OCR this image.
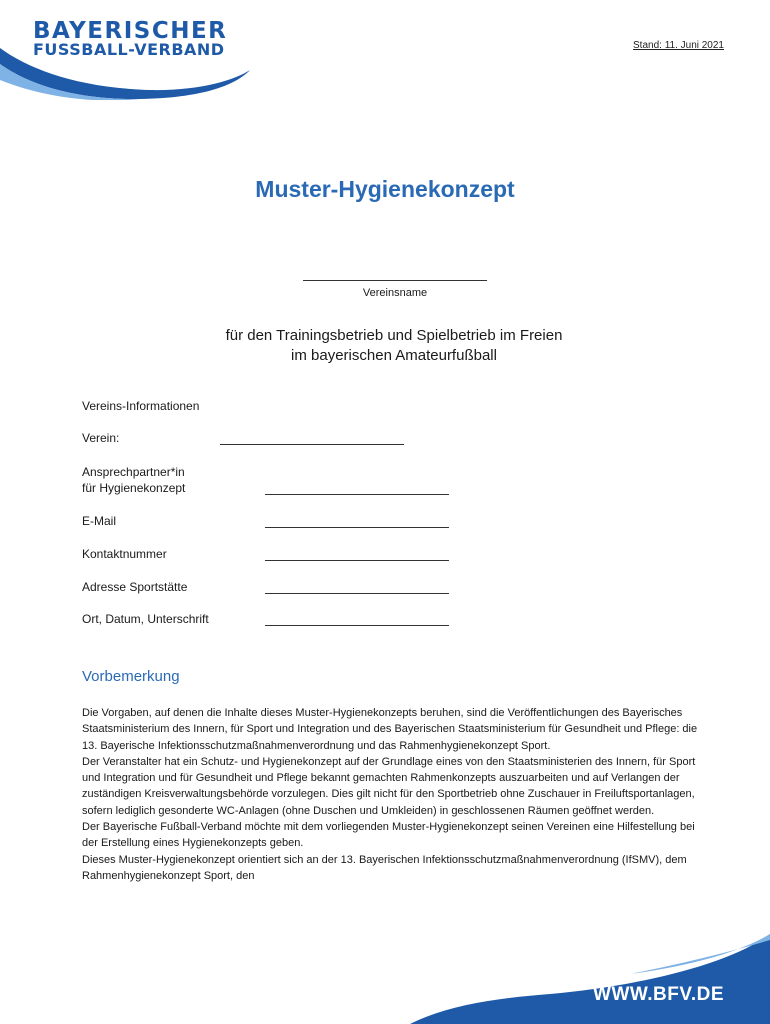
BAYERISCHER
FUSSBALL-VERBAND	Stand: 11. Juni 2021
Muster-Hygienekonzept
Vereinsname
für den Trainingsbetrieb und Spielbetrieb im Freien
im bayerischen Amateurfußball
Vereins-Informationen
Verein:
Ansprechpartner*in
für Hygienekonzept
E-Mail
Kontaktnummer
Adresse Sportstätte
Ort, Datum, Unterschrift
Vorbemerkung

Die Vorgaben, auf denen die Inhalte dieses Muster-Hygienekonzepts beruhen, sind die Veröffentlichungen des Bayerisches Staatsministerium des Innern, für Sport und Integration und des Bayerischen Staatsministerium für Gesundheit und Pflege: die 13. Bayerische Infektionsschutzmaßnahmenverordnung und das Rahmenhygienekonzept Sport.

Der Veranstalter hat ein Schutz- und Hygienekonzept auf der Grundlage eines von den Staatsministerien des Innern, für Sport und Integration und für Gesundheit und Pflege bekannt gemachten Rahmenkonzepts auszuarbeiten und auf Verlangen der zuständigen Kreisverwaltungsbehörde vorzulegen. Dies gilt nicht für den Sportbetrieb ohne Zuschauer in Freiluftsportanlagen, sofern lediglich gesonderte WC-Anlagen (ohne Duschen und Umkleiden) in geschlossenen Räumen geöffnet werden.

Der Bayerische Fußball-Verband möchte mit dem vorliegenden Muster-Hygienekonzept seinen Vereinen eine Hilfestellung bei der Erstellung eines Hygienekonzepts geben.

Dieses Muster-Hygienekonzept orientiert sich an der 13. Bayerischen Infektionsschutzmaßnahmenverordnung (IfSMV), dem Rahmenhygienekonzept Sport, den

WWW.BFV.DE
